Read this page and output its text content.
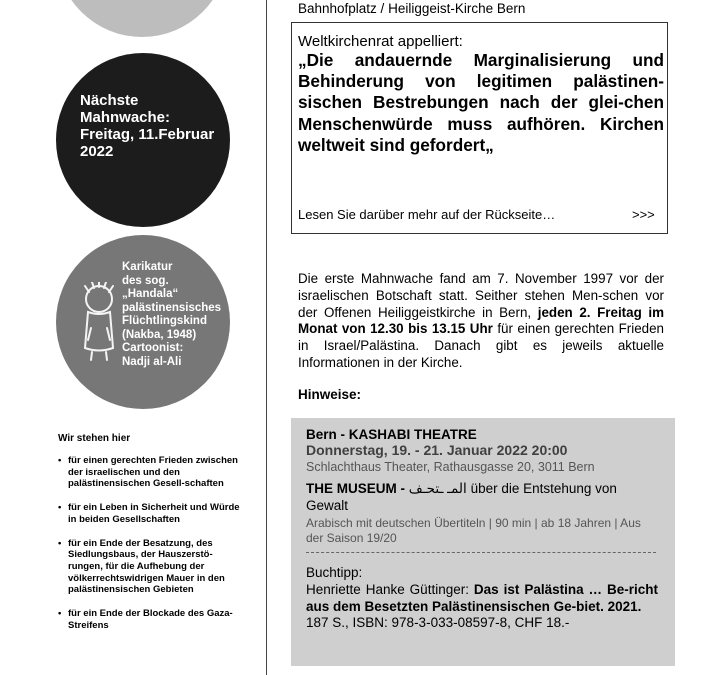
Nächste
Mahnwache:
Freitag, 11.Februar
2022
Karikatur
des sog.
„Handala“
palästinensisches
Flüchtlingskind
(Nakba, 1948)
Cartoonist:
Nadji al-Ali
Wir stehen hier
• für einen gerechten Frieden zwischen der israelischen und den palästinensischen Gesell-schaften
• für ein Leben in Sicherheit und Würde in beiden Gesellschaften
• für ein Ende der Besatzung, des Siedlungsbaus, der Hauszerstö-rungen, für die Aufhebung der völkerrechtswidrigen Mauer in den palästinensischen Gebieten
• für ein Ende der Blockade des Gaza-Streifens
Bahnhofplatz / Heiliggeist-Kirche Bern
Weltkirchenrat appelliert:
„Die andauernde Marginalisierung und Behinderung von legitimen palästinen-sischen Bestrebungen nach der glei-chen Menschenwürde muss aufhören. Kirchen weltweit sind gefordert„
Lesen Sie darüber mehr auf der Rückseite…	>>>
Die erste Mahnwache fand am 7. November 1997 vor der israelischen Botschaft statt. Seither stehen Men-schen vor der Offenen Heiliggeistkirche in Bern, jeden 2. Freitag im Monat von 12.30 bis 13.15 Uhr für einen gerechten Frieden in Israel/Palästina. Danach gibt es jeweils aktuelle Informationen in der Kirche.
Hinweise:
Bern - KASHABI THEATRE
Donnerstag, 19. - 21. Januar 2022 20:00
Schlachthaus Theater, Rathausgasse 20, 3011 Bern
THE MUSEUM - المـ ـتحـف über die Entstehung von Gewalt
Arabisch mit deutschen Übertiteln | 90 min | ab 18 Jahren | Aus der Saison 19/20
Buchtipp:
Henriette Hanke Güttinger: Das ist Palästina … Be-richt aus dem Besetzten Palästinensischen Ge-biet. 2021.
187 S., ISBN: 978-3-033-08597-8, CHF 18.-
